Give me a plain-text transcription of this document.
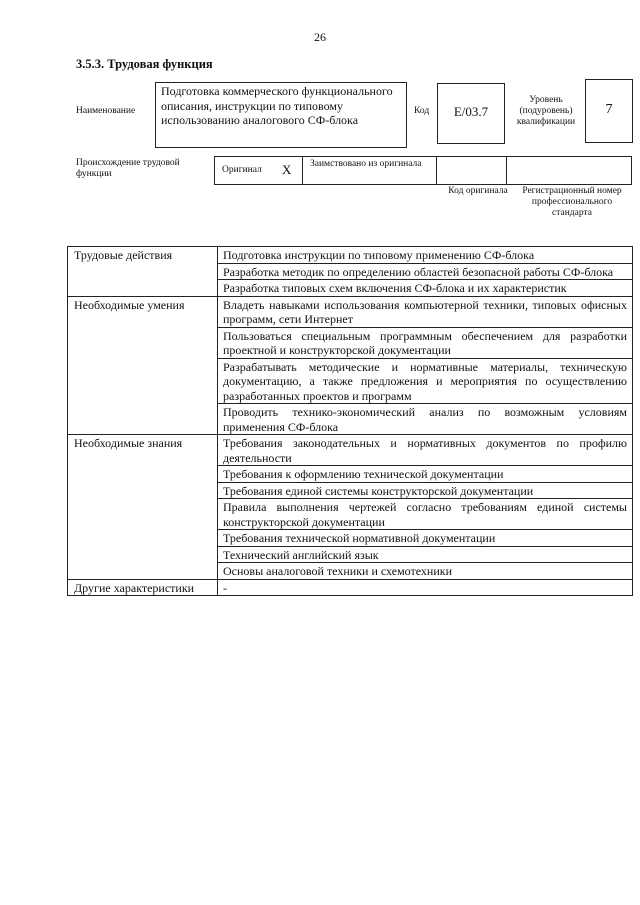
26
3.5.3. Трудовая функция
Наименование
Подготовка коммерческого функционального описания, инструкции по типовому использованию аналогового СФ-блока
Код	E/03.7
Уровень (подуровень) квалификации
7
Происхождение трудовой функции	Оригинал X Заимствовано из оригинала
Код оригинала	Регистрационный номер профессионального стандарта
Трудовые действия	Подготовка инструкции по типовому применению СФ-блока
	Разработка методик по определению областей безопасной работы СФ-блока
	Разработка типовых схем включения СФ-блока и их характеристик
Необходимые умения	Владеть навыками использования компьютерной техники, типовых офисных программ, сети Интернет
	Пользоваться специальным программным обеспечением для разработки проектной и конструкторской документации
	Разрабатывать методические и нормативные материалы, техническую документацию, а также предложения и мероприятия по осуществлению разработанных проектов и программ
	Проводить технико-экономический анализ по возможным условиям применения СФ-блока
Необходимые знания	Требования законодательных и нормативных документов по профилю деятельности
	Требования к оформлению технической документации
	Требования единой системы конструкторской документации
	Правила выполнения чертежей согласно требованиям единой системы конструкторской документации
	Требования технической нормативной документации
	Технический английский язык
	Основы аналоговой техники и схемотехники
Другие характеристики	-
